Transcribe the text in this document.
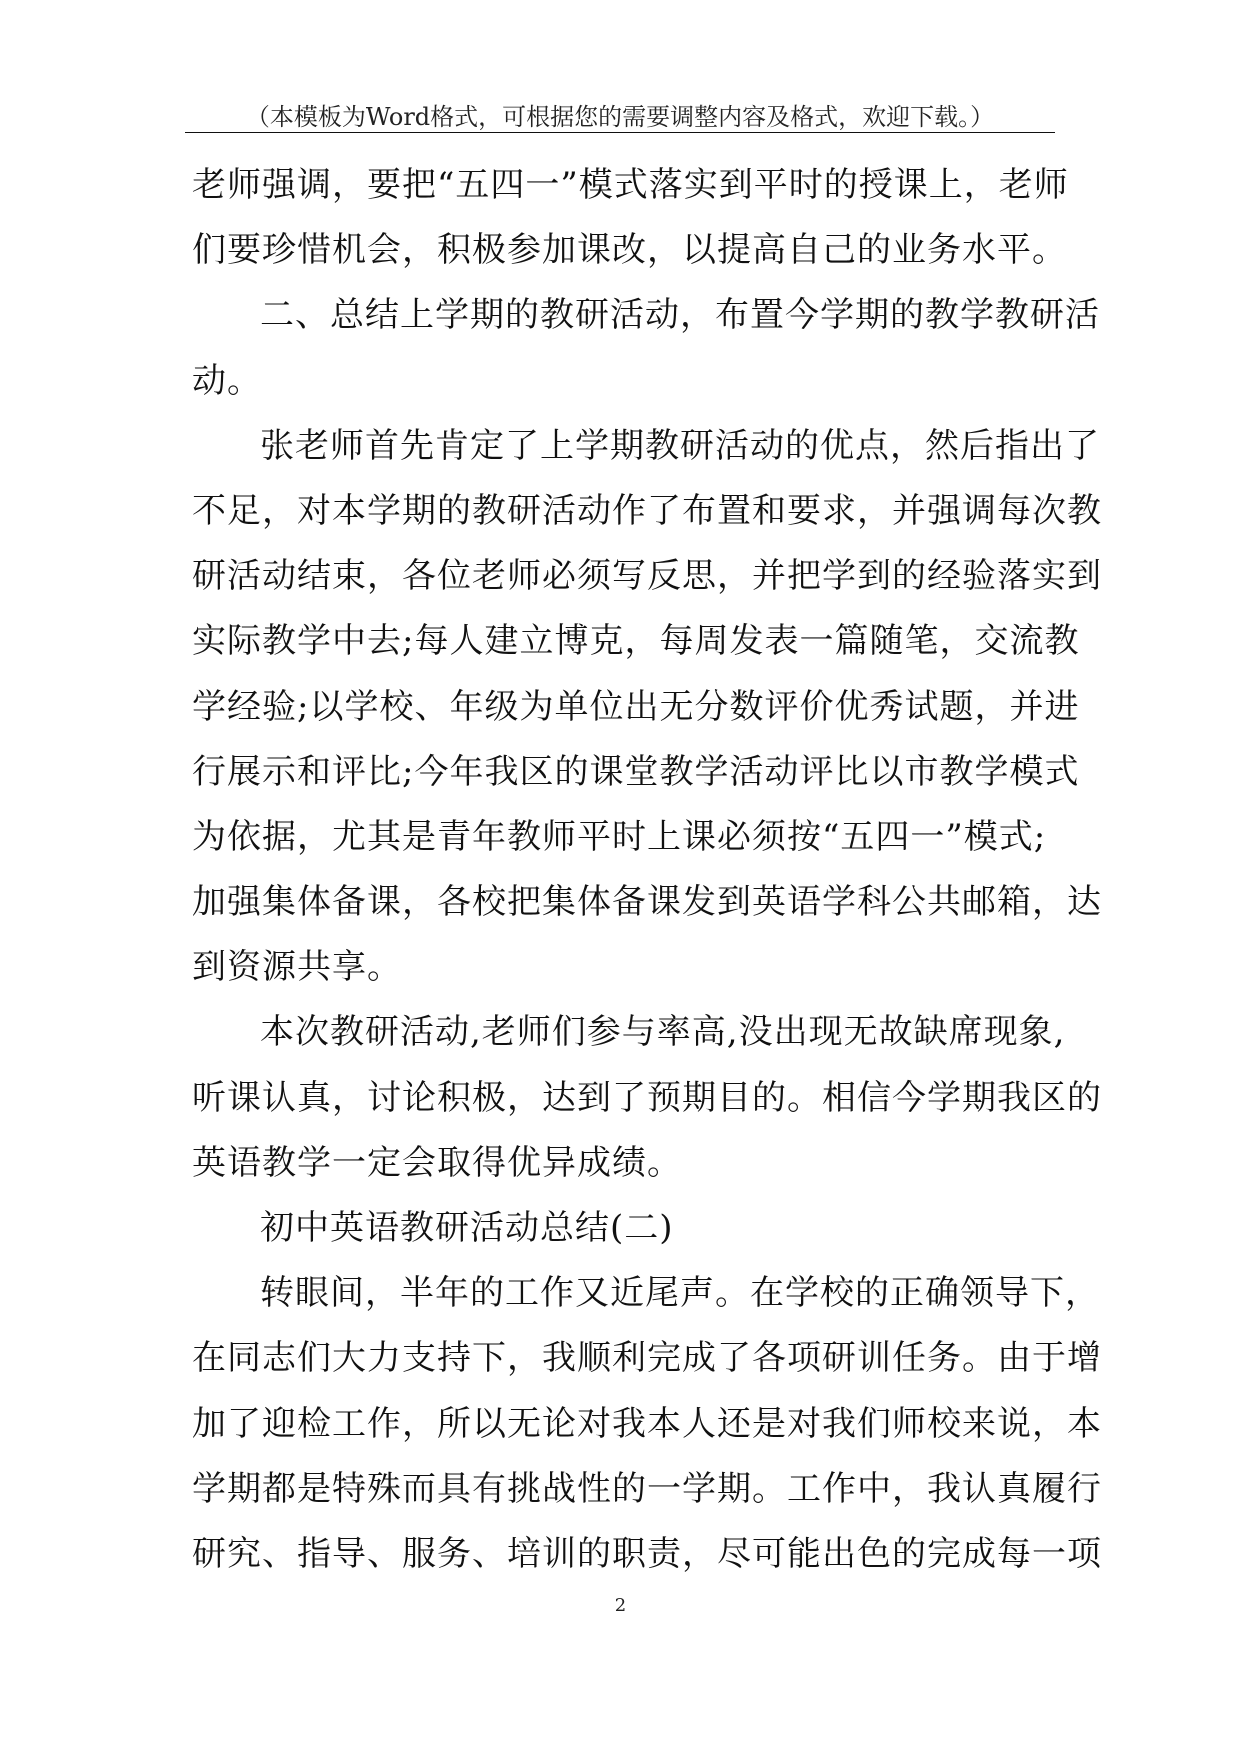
（本模板为Word格式，可根据您的需要调整内容及格式，欢迎下载。）
老师强调，要把“五四一”模式落实到平时的授课上，老师
们要珍惜机会，积极参加课改，以提高自己的业务水平。
二、总结上学期的教研活动，布置今学期的教学教研活
动。
张老师首先肯定了上学期教研活动的优点，然后指出了
不足，对本学期的教研活动作了布置和要求，并强调每次教
研活动结束，各位老师必须写反思，并把学到的经验落实到
实际教学中去;每人建立博克，每周发表一篇随笔，交流教
学经验;以学校、年级为单位出无分数评价优秀试题，并进
行展示和评比;今年我区的课堂教学活动评比以市教学模式
为依据，尤其是青年教师平时上课必须按“五四一”模式;
加强集体备课，各校把集体备课发到英语学科公共邮箱，达
到资源共享。
本次教研活动,老师们参与率高,没出现无故缺席现象,
听课认真，讨论积极，达到了预期目的。相信今学期我区的
英语教学一定会取得优异成绩。
初中英语教研活动总结(二)
转眼间，半年的工作又近尾声。在学校的正确领导下，
在同志们大力支持下，我顺利完成了各项研训任务。由于增
加了迎检工作，所以无论对我本人还是对我们师校来说，本
学期都是特殊而具有挑战性的一学期。工作中，我认真履行
研究、指导、服务、培训的职责，尽可能出色的完成每一项
2
